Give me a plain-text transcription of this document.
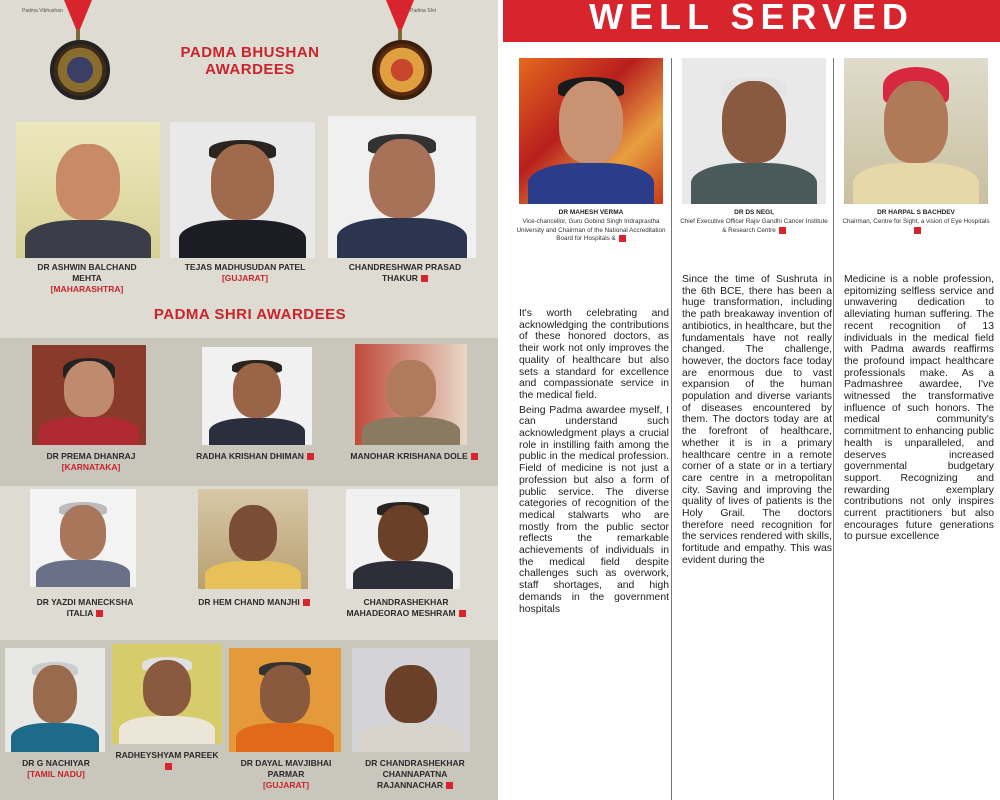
Padma Vibhushan	Padma Shri
PADMA BHUSHAN AWARDEES
DR ASHWIN BALCHAND MEHTA
[MAHARASHTRA]
TEJAS MADHUSUDAN PATEL
[GUJARAT]
CHANDRESHWAR PRASAD THAKUR
PADMA SHRI AWARDEES
DR PREMA DHANRAJ
[KARNATAKA]
RADHA KRISHAN DHIMAN	MANOHAR KRISHANA DOLE
DR YAZDI MANECKSHA ITALIA
DR HEM CHAND MANJHI	CHANDRASHEKHAR MAHADEORAO MESHRAM
DR G NACHIYAR
[TAMIL NADU]
RADHEYSHYAM PAREEK
DR DAYAL MAVJIBHAI PARMAR
[GUJARAT]
DR CHANDRASHEKHAR CHANNAPATNA RAJANNACHAR
WELL SERVED
DR MAHESH VERMA
Vice-chancellor, Guru Gobind Singh Indraprastha University and Chairman of the National Accreditation Board for Hospitals &

It's worth celebrating and acknowledging the contributions of these honored doctors, as their work not only improves the quality of healthcare but also sets a standard for excellence and compassionate service in the medical field.

Being Padma awardee myself, I can understand such acknowledgment plays a crucial role in instilling faith among the public in the medical profession. Field of medicine is not just a profession but also a form of public service. The diverse categories of recognition of the medical stalwarts who are mostly from the public sector reflects the remarkable achievements of individuals in the medical field despite challenges such as overwork, staff shortages, and high demands in the government hospitals

DR DS NEGI,
Chief Executive Officer Rajiv Gandhi Cancer Institute & Research Centre

Since the time of Sushruta in the 6th BCE, there has been a huge transformation, including the path breakaway invention of antibiotics, in healthcare, but the fundamentals have not really changed. The challenge, however, the doctors face today are enormous due to vast expansion of the human population and diverse variants of diseases encountered by them. The doctors today are at the forefront of healthcare, whether it is in a primary healthcare centre in a remote corner of a state or in a tertiary care centre in a metropolitan city. Saving and improving the quality of lives of patients is the Holy Grail. The doctors therefore need recognition for the services rendered with skills, fortitude and empathy. This was evident during the

DR HARPAL S BACHDEV
Chairman, Centre for Sight, a vision of Eye Hospitals

Medicine is a noble profession, epitomizing selfless service and unwavering dedication to alleviating human suffering. The recent recognition of 13 individuals in the medical field with Padma awards reaffirms the profound impact healthcare professionals make. As a Padmashree awardee, I've witnessed the transformative influence of such honors. The medical community's commitment to enhancing public health is unparalleled, and deserves increased governmental budgetary support. Recognizing and rewarding exemplary contributions not only inspires current practitioners but also encourages future generations to pursue excellence
